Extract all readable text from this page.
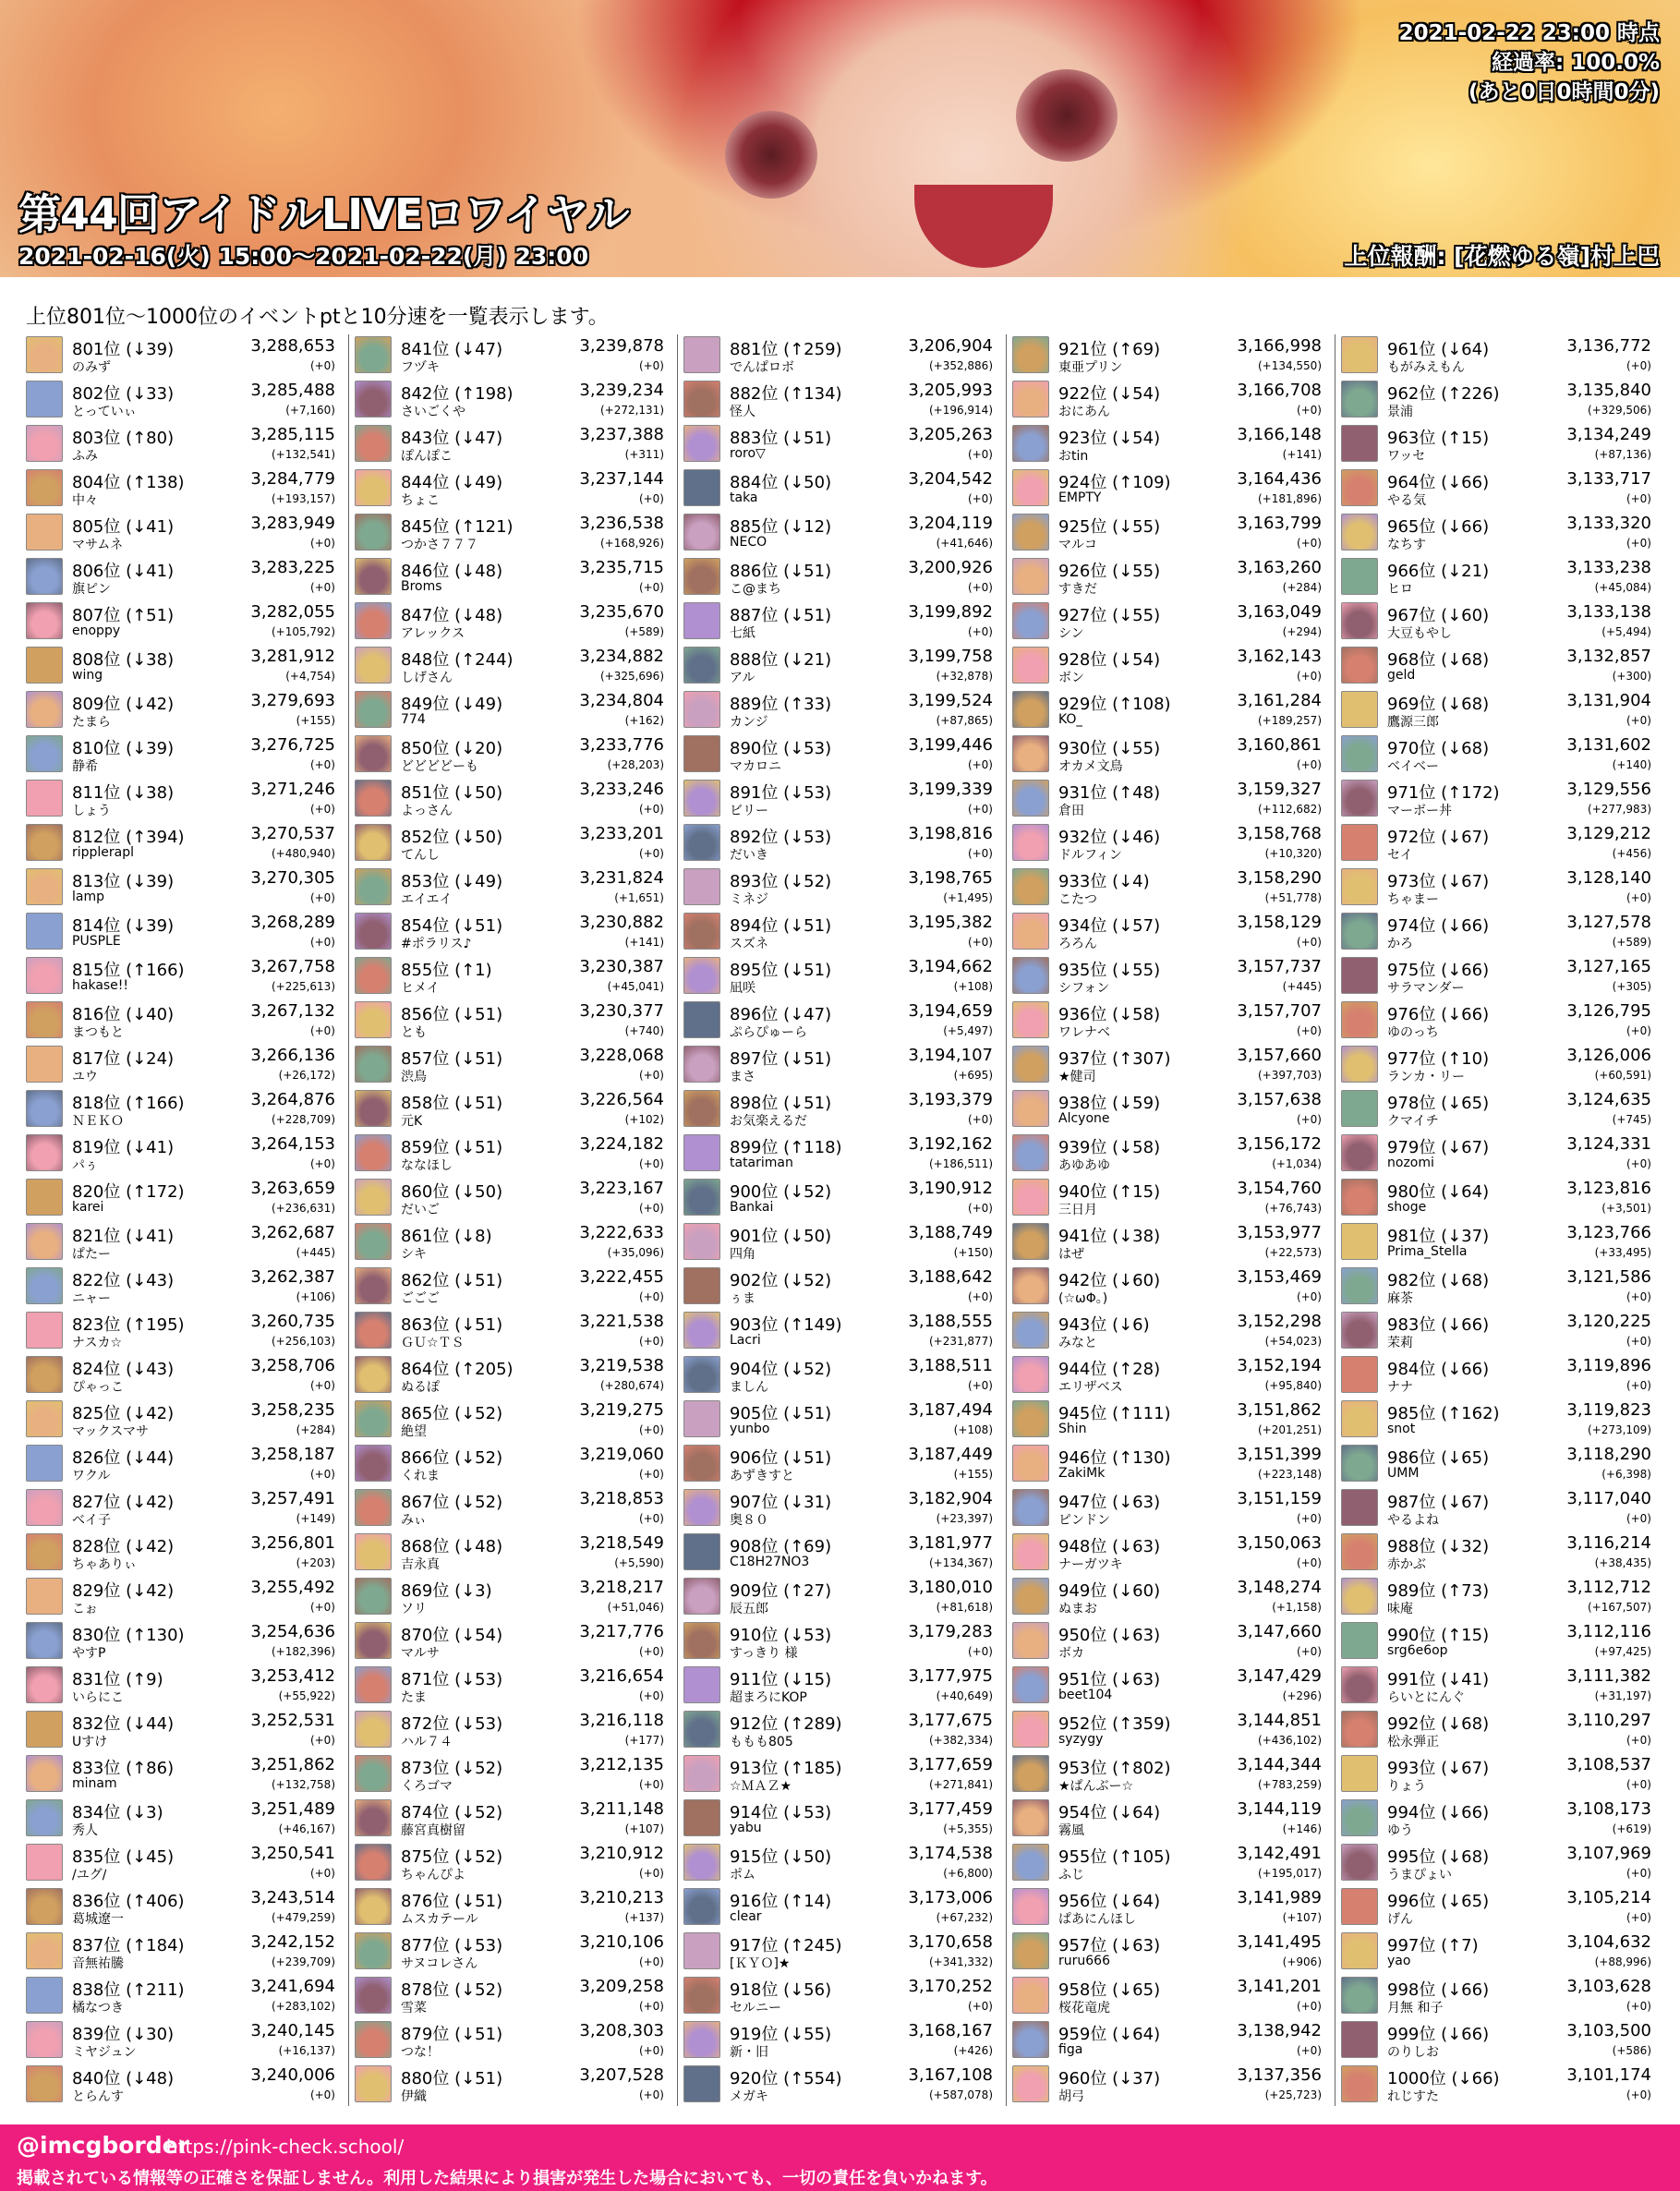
2021-02-22 23:00 時点
経過率: 100.0%
(あと0日0時間0分)
第44回アイドルLIVEロワイヤル
2021-02-16(火) 15:00～2021-02-22(月) 23:00	上位報酬: [花燃ゆる嶺]村上巴
上位801位～1000位のイベントptと10分速を一覧表示します。
801位 (↓39)
のみず
3,288,653
(+0)
802位 (↓33)
とっていぃ
3,285,488
(+7,160)
803位 (↑80)
ふみ
3,285,115
(+132,541)
804位 (↑138)
中々
3,284,779
(+193,157)
805位 (↓41)
マサムネ
3,283,949
(+0)
806位 (↓41)
旗ピン
3,283,225
(+0)
807位 (↑51)
enoppy
3,282,055
(+105,792)
808位 (↓38)
wing
3,281,912
(+4,754)
809位 (↓42)
たまら
3,279,693
(+155)
810位 (↓39)
静希
3,276,725
(+0)
811位 (↓38)
しょう
3,271,246
(+0)
812位 (↑394)
ripplerapl
3,270,537
(+480,940)
813位 (↓39)
lamp
3,270,305
(+0)
814位 (↓39)
PUSPLE
3,268,289
(+0)
815位 (↑166)
hakase!!
3,267,758
(+225,613)
816位 (↓40)
まつもと
3,267,132
(+0)
817位 (↓24)
ユウ
3,266,136
(+26,172)
818位 (↑166)
ＮＥＫＯ
3,264,876
(+228,709)
819位 (↓41)
パぅ
3,264,153
(+0)
820位 (↑172)
karei
3,263,659
(+236,631)
821位 (↓41)
ぱたー
3,262,687
(+445)
822位 (↓43)
ニャー
3,262,387
(+106)
823位 (↑195)
ナスカ☆
3,260,735
(+256,103)
824位 (↓43)
ぴゃっこ
3,258,706
(+0)
825位 (↓42)
マックスマサ
3,258,235
(+284)
826位 (↓44)
ワクル
3,258,187
(+0)
827位 (↓42)
ベイ子
3,257,491
(+149)
828位 (↓42)
ちゃありぃ
3,256,801
(+203)
829位 (↓42)
こぉ
3,255,492
(+0)
830位 (↑130)
やすP
3,254,636
(+182,396)
831位 (↑9)
いらにこ
3,253,412
(+55,922)
832位 (↓44)
Uすけ
3,252,531
(+0)
833位 (↑86)
minam
3,251,862
(+132,758)
834位 (↓3)
秀人
3,251,489
(+46,167)
835位 (↓45)
/ユグ/
3,250,541
(+0)
836位 (↑406)
葛城遼一
3,243,514
(+479,259)
837位 (↑184)
音無祐騰
3,242,152
(+239,709)
838位 (↑211)
橘なつき
3,241,694
(+283,102)
839位 (↓30)
ミヤジュン
3,240,145
(+16,137)
840位 (↓48)
とらんす
3,240,006
(+0)
841位 (↓47)
フヅキ
3,239,878
(+0)
842位 (↑198)
さいごくや
3,239,234
(+272,131)
843位 (↓47)
ぽんぽこ
3,237,388
(+311)
844位 (↓49)
ちょこ
3,237,144
(+0)
845位 (↑121)
つかさ７７７
3,236,538
(+168,926)
846位 (↓48)
Broms
3,235,715
(+0)
847位 (↓48)
アレックス
3,235,670
(+589)
848位 (↑244)
しげさん
3,234,882
(+325,696)
849位 (↓49)
774
3,234,804
(+162)
850位 (↓20)
どどどどーも
3,233,776
(+28,203)
851位 (↓50)
よっさん
3,233,246
(+0)
852位 (↓50)
てんし
3,233,201
(+0)
853位 (↓49)
エイエイ
3,231,824
(+1,651)
854位 (↓51)
#ポラリス♪
3,230,882
(+141)
855位 (↑1)
ヒメイ
3,230,387
(+45,041)
856位 (↓51)
とも
3,230,377
(+740)
857位 (↓51)
渋鳥
3,228,068
(+0)
858位 (↓51)
元K
3,226,564
(+102)
859位 (↓51)
ななほし
3,224,182
(+0)
860位 (↓50)
だいご
3,223,167
(+0)
861位 (↓8)
シキ
3,222,633
(+35,096)
862位 (↓51)
ごごご
3,222,455
(+0)
863位 (↓51)
ＧＵ☆ＴＳ
3,221,538
(+0)
864位 (↑205)
ぬるぽ
3,219,538
(+280,674)
865位 (↓52)
絶望
3,219,275
(+0)
866位 (↓52)
くれま
3,219,060
(+0)
867位 (↓52)
みぃ
3,218,853
(+0)
868位 (↓48)
吉永真
3,218,549
(+5,590)
869位 (↓3)
ソリ
3,218,217
(+51,046)
870位 (↓54)
マルサ
3,217,776
(+0)
871位 (↓53)
たま
3,216,654
(+0)
872位 (↓53)
ハル７４
3,216,118
(+177)
873位 (↓52)
くろゴマ
3,212,135
(+0)
874位 (↓52)
藤宮真樹留
3,211,148
(+107)
875位 (↓52)
ちゃんぴよ
3,210,912
(+0)
876位 (↓51)
ムスカテール
3,210,213
(+137)
877位 (↓53)
サヌコレさん
3,210,106
(+0)
878位 (↓52)
雪菜
3,209,258
(+0)
879位 (↓51)
つな！
3,208,303
(+0)
880位 (↓51)
伊織
3,207,528
(+0)
881位 (↑259)
でんぱロボ
3,206,904
(+352,886)
882位 (↑134)
怪人
3,205,993
(+196,914)
883位 (↓51)
roro▽
3,205,263
(+0)
884位 (↓50)
taka
3,204,542
(+0)
885位 (↓12)
NECO
3,204,119
(+41,646)
886位 (↓51)
こ@まち
3,200,926
(+0)
887位 (↓51)
七紙
3,199,892
(+0)
888位 (↓21)
アル
3,199,758
(+32,878)
889位 (↑33)
カンジ
3,199,524
(+87,865)
890位 (↓53)
マカロニ
3,199,446
(+0)
891位 (↓53)
ビリー
3,199,339
(+0)
892位 (↓53)
だいき
3,198,816
(+0)
893位 (↓52)
ミネジ
3,198,765
(+1,495)
894位 (↓51)
スズネ
3,195,382
(+0)
895位 (↓51)
凪咲
3,194,662
(+108)
896位 (↓47)
ぷらぴゅーら
3,194,659
(+5,497)
897位 (↓51)
まさ
3,194,107
(+695)
898位 (↓51)
お気楽えるだ
3,193,379
(+0)
899位 (↑118)
tatariman
3,192,162
(+186,511)
900位 (↓52)
Bankai
3,190,912
(+0)
901位 (↓50)
四角
3,188,749
(+150)
902位 (↓52)
ぅま
3,188,642
(+0)
903位 (↑149)
Lacri
3,188,555
(+231,877)
904位 (↓52)
ましん
3,188,511
(+0)
905位 (↓51)
yunbo
3,187,494
(+108)
906位 (↓51)
あずきすと
3,187,449
(+155)
907位 (↓31)
奥８０
3,182,904
(+23,397)
908位 (↑69)
C18H27NO3
3,181,977
(+134,367)
909位 (↑27)
辰五郎
3,180,010
(+81,618)
910位 (↓53)
すっきり 様
3,179,283
(+0)
911位 (↓15)
超まろにKOP
3,177,975
(+40,649)
912位 (↑289)
ももも805
3,177,675
(+382,334)
913位 (↑185)
☆ＭＡＺ★
3,177,659
(+271,841)
914位 (↓53)
yabu
3,177,459
(+5,355)
915位 (↓50)
ポム
3,174,538
(+6,800)
916位 (↑14)
clear
3,173,006
(+67,232)
917位 (↑245)
[ＫＹＯ]★
3,170,658
(+341,332)
918位 (↓56)
セルニー
3,170,252
(+0)
919位 (↓55)
新・旧
3,168,167
(+426)
920位 (↑554)
メガキ
3,167,108
(+587,078)
921位 (↑69)
東亜プリン
3,166,998
(+134,550)
922位 (↓54)
おにあん
3,166,708
(+0)
923位 (↓54)
おtin
3,166,148
(+141)
924位 (↑109)
EMPTY
3,164,436
(+181,896)
925位 (↓55)
マルコ
3,163,799
(+0)
926位 (↓55)
すきだ
3,163,260
(+284)
927位 (↓55)
シン
3,163,049
(+294)
928位 (↓54)
ボン
3,162,143
(+0)
929位 (↑108)
KO_
3,161,284
(+189,257)
930位 (↓55)
オカメ文鳥
3,160,861
(+0)
931位 (↑48)
倉田
3,159,327
(+112,682)
932位 (↓46)
ドルフィン
3,158,768
(+10,320)
933位 (↓4)
こたつ
3,158,290
(+51,778)
934位 (↓57)
ろろん
3,158,129
(+0)
935位 (↓55)
シフォン
3,157,737
(+445)
936位 (↓58)
ワレナベ
3,157,707
(+0)
937位 (↑307)
★健司
3,157,660
(+397,703)
938位 (↓59)
Alcyone
3,157,638
(+0)
939位 (↓58)
あゆあゆ
3,156,172
(+1,034)
940位 (↑15)
三日月
3,154,760
(+76,743)
941位 (↓38)
はぜ
3,153,977
(+22,573)
942位 (↓60)
(☆ωΦ。)
3,153,469
(+0)
943位 (↓6)
みなと
3,152,298
(+54,023)
944位 (↑28)
エリザベス
3,152,194
(+95,840)
945位 (↑111)
Shin
3,151,862
(+201,251)
946位 (↑130)
ZakiMk
3,151,399
(+223,148)
947位 (↓63)
ピンドン
3,151,159
(+0)
948位 (↓63)
ナーガツキ
3,150,063
(+0)
949位 (↓60)
ぬまお
3,148,274
(+1,158)
950位 (↓63)
ボカ
3,147,660
(+0)
951位 (↓63)
beet104
3,147,429
(+296)
952位 (↑359)
syzygy
3,144,851
(+436,102)
953位 (↑802)
★ぱんぶー☆
3,144,344
(+783,259)
954位 (↓64)
霧風
3,144,119
(+146)
955位 (↑105)
ふじ
3,142,491
(+195,017)
956位 (↓64)
ぱあにんほし
3,141,989
(+107)
957位 (↓63)
ruru666
3,141,495
(+906)
958位 (↓65)
桜花竜虎
3,141,201
(+0)
959位 (↓64)
figa
3,138,942
(+0)
960位 (↓37)
胡弓
3,137,356
(+25,723)
961位 (↓64)
もがみえもん
3,136,772
(+0)
962位 (↑226)
景浦
3,135,840
(+329,506)
963位 (↑15)
ワッセ
3,134,249
(+87,136)
964位 (↓66)
やる気
3,133,717
(+0)
965位 (↓66)
なちす
3,133,320
(+0)
966位 (↓21)
ヒロ
3,133,238
(+45,084)
967位 (↓60)
大豆もやし
3,133,138
(+5,494)
968位 (↓68)
geld
3,132,857
(+300)
969位 (↓68)
鷹源三郎
3,131,904
(+0)
970位 (↓68)
ベイベー
3,131,602
(+140)
971位 (↑172)
マーボー丼
3,129,556
(+277,983)
972位 (↓67)
セイ
3,129,212
(+456)
973位 (↓67)
ちゃまー
3,128,140
(+0)
974位 (↓66)
かろ
3,127,578
(+589)
975位 (↓66)
サラマンダー
3,127,165
(+305)
976位 (↓66)
ゆのっち
3,126,795
(+0)
977位 (↑10)
ランカ・リー
3,126,006
(+60,591)
978位 (↓65)
クマイチ
3,124,635
(+745)
979位 (↓67)
nozomi
3,124,331
(+0)
980位 (↓64)
shoge
3,123,816
(+3,501)
981位 (↓37)
Prima_Stella
3,123,766
(+33,495)
982位 (↓68)
麻茶
3,121,586
(+0)
983位 (↓66)
茉莉
3,120,225
(+0)
984位 (↓66)
ナナ
3,119,896
(+0)
985位 (↑162)
snot
3,119,823
(+273,109)
986位 (↓65)
UMM
3,118,290
(+6,398)
987位 (↓67)
やるよね
3,117,040
(+0)
988位 (↓32)
赤かぶ
3,116,214
(+38,435)
989位 (↑73)
味庵
3,112,712
(+167,507)
990位 (↑15)
srg6e6op
3,112,116
(+97,425)
991位 (↓41)
らいとにんぐ
3,111,382
(+31,197)
992位 (↓68)
松永弾正
3,110,297
(+0)
993位 (↓67)
りょう
3,108,537
(+0)
994位 (↓66)
ゆう
3,108,173
(+619)
995位 (↓68)
うまぴょい
3,107,969
(+0)
996位 (↓65)
げん
3,105,214
(+0)
997位 (↑7)
yao
3,104,632
(+88,996)
998位 (↓66)
月無 和子
3,103,628
(+0)
999位 (↓66)
のりしお
3,103,500
(+586)
1000位 (↓66)
れじすた
3,101,174
(+0)
@imcgborder
https://pink-check.school/
掲載されている情報等の正確さを保証しません。利用した結果により損害が発生した場合においても、一切の責任を負いかねます。
